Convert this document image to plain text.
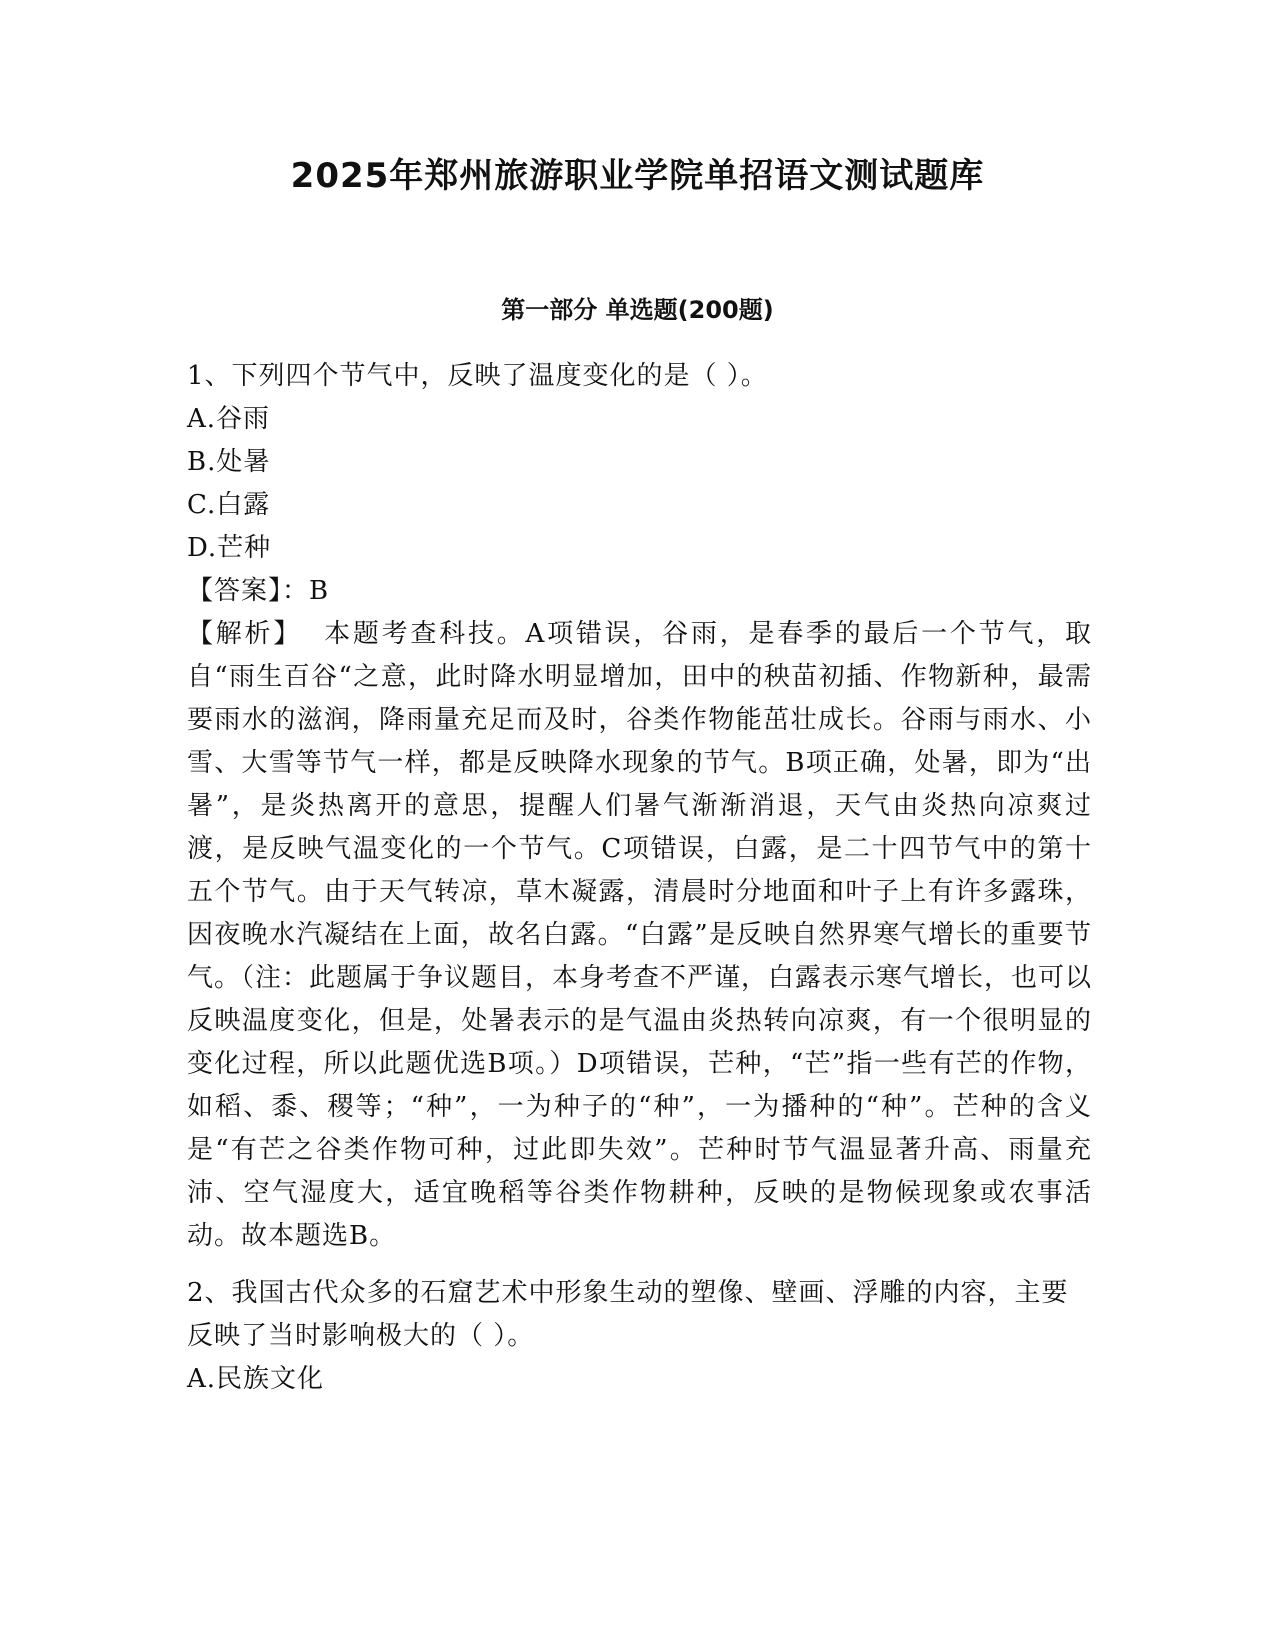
2025年郑州旅游职业学院单招语文测试题库
第一部分 单选题(200题)

1、下列四个节气中，反映了温度变化的是（ ）。

A.谷雨

B.处暑

C.白露

D.芒种

【答案】：B

【解析】 本题考查科技。A项错误，谷雨，是春季的最后一个节气，取自“雨生百谷“之意，此时降水明显增加，田中的秧苗初插、作物新种，最需要雨水的滋润，降雨量充足而及时，谷类作物能茁壮成长。谷雨与雨水、小雪、大雪等节气一样，都是反映降水现象的节气。B项正确，处暑，即为“出暑”，是炎热离开的意思，提醒人们暑气渐渐消退，天气由炎热向凉爽过渡，是反映气温变化的一个节气。C项错误，白露，是二十四节气中的第十五个节气。由于天气转凉，草木凝露，清晨时分地面和叶子上有许多露珠，因夜晚水汽凝结在上面，故名白露。“白露”是反映自然界寒气增长的重要节气。（注：此题属于争议题目，本身考查不严谨，白露表示寒气增长，也可以反映温度变化，但是，处暑表示的是气温由炎热转向凉爽，有一个很明显的变化过程，所以此题优选B项。）D项错误，芒种，“芒”指一些有芒的作物，如稻、黍、稷等；“种”，一为种子的“种”，一为播种的“种”。芒种的含义是“有芒之谷类作物可种，过此即失效”。芒种时节气温显著升高、雨量充沛、空气湿度大，适宜晚稻等谷类作物耕种，反映的是物候现象或农事活动。故本题选B。

2、我国古代众多的石窟艺术中形象生动的塑像、壁画、浮雕的内容，主要反映了当时影响极大的（ ）。

A.民族文化
